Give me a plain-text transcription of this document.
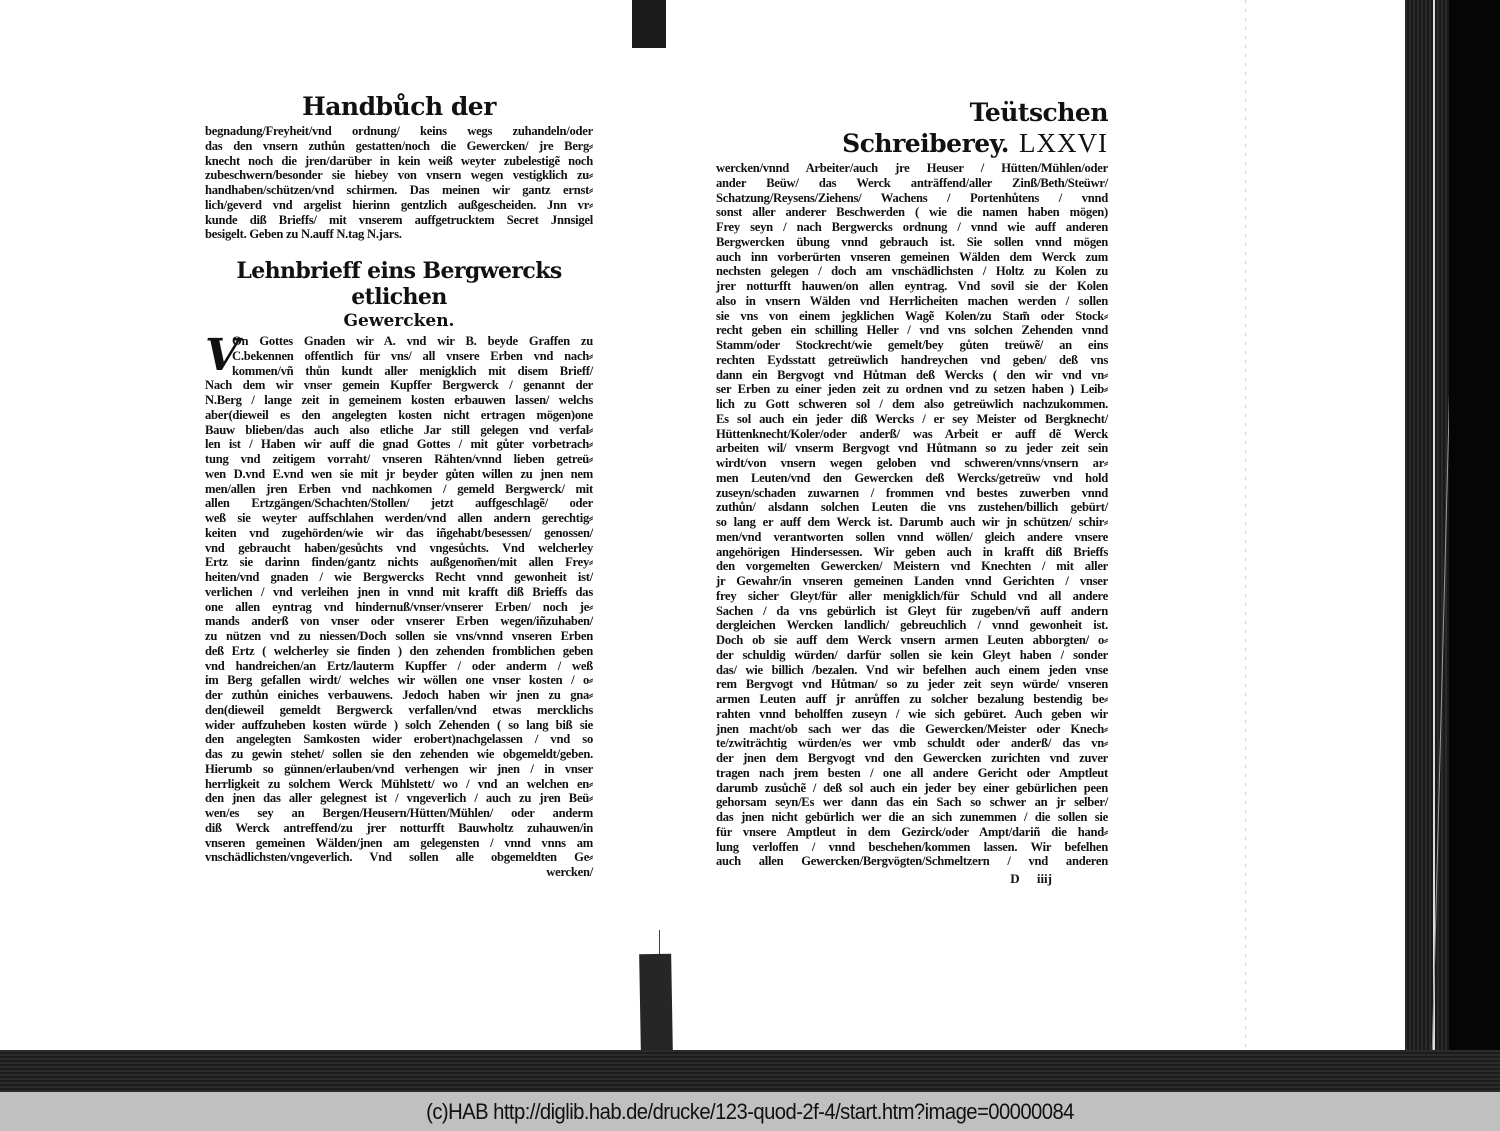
Handbůch der
begnadung/Freyheit/vnd ordnung/ keins wegs zuhandeln/oder
das den vnsern zuthůn gestatten/noch die Gewercken/ jre Berg⸗
knecht noch die jren/darüber in kein weiß weyter zubelestigẽ noch
zubeschwern/besonder sie hiebey von vnsern wegen vestigklich zu⸗
handhaben/schützen/vnd schirmen. Das meinen wir gantz ernst⸗
lich/geverd vnd argelist hierinn gentzlich außgescheiden. Jnn vr⸗
kunde diß Brieffs/ mit vnserem auffgetrucktem Secret Jnnsigel
besigelt. Geben zu N.auff N.tag N.jars.
Lehnbrieff eins Bergwercks etlichen
Gewercken.
V
On Gottes Gnaden wir A. vnd wir B. beyde Graffen zu
C.bekennen offentlich für vns/ all vnsere Erben vnd nach⸗
kommen/vñ thůn kundt aller menigklich mit disem Brieff/
Nach dem wir vnser gemein Kupffer Bergwerck / genannt der
N.Berg / lange zeit in gemeinem kosten erbauwen lassen/ welchs
aber(dieweil es den angelegten kosten nicht ertragen mögen)one
Bauw blieben/das auch also etliche Jar still gelegen vnd verfal⸗
len ist / Haben wir auff die gnad Gottes / mit gůter vorbetrach⸗
tung vnd zeitigem vorraht/ vnseren Rähten/vnnd lieben getreü⸗
wen D.vnd E.vnd wen sie mit jr beyder gůten willen zu jnen nem
men/allen jren Erben vnd nachkomen / gemeld Bergwerck/ mit
allen Ertzgängen/Schachten/Stollen/ jetzt auffgeschlagẽ/ oder
weß sie weyter auffschlahen werden/vnd allen andern gerechtig⸗
keiten vnd zugehörden/wie wir das iñgehabt/besessen/ genossen/
vnd gebraucht haben/gesůchts vnd vngesůchts. Vnd welcherley
Ertz sie darinn finden/gantz nichts außgenom̃en/mit allen Frey⸗
heiten/vnd gnaden / wie Bergwercks Recht vnnd gewonheit ist/
verlichen / vnd verleihen jnen in vnnd mit krafft diß Brieffs das
one allen eyntrag vnd hindernuß/vnser/vnserer Erben/ noch je⸗
mands anderß von vnser oder vnserer Erben wegen/iñzuhaben/
zu nützen vnd zu niessen/Doch sollen sie vns/vnnd vnseren Erben
deß Ertz ( welcherley sie finden ) den zehenden fromblichen geben
vnd handreichen/an Ertz/lauterm Kupffer / oder anderm / weß
im Berg gefallen wirdt/ welches wir wöllen one vnser kosten / o⸗
der zuthůn einiches verbauwens. Jedoch haben wir jnen zu gna⸗
den(dieweil gemeldt Bergwerck verfallen/vnd etwas mercklichs
wider auffzuheben kosten würde ) solch Zehenden ( so lang biß sie
den angelegten Samkosten wider erobert)nachgelassen / vnd so
das zu gewin stehet/ sollen sie den zehenden wie obgemeldt/geben.
Hierumb so günnen/erlauben/vnd verhengen wir jnen / in vnser
herrligkeit zu solchem Werck Mühlstett/ wo / vnd an welchen en⸗
den jnen das aller gelegnest ist / vngeverlich / auch zu jren Beü⸗
wen/es sey an Bergen/Heusern/Hütten/Mühlen/ oder anderm
diß Werck antreffend/zu jrer notturfft Bauwholtz zuhauwen/in
vnseren gemeinen Wälden/jnen am gelegensten / vnnd vnns am
vnschädlichsten/vngeverlich. Vnd sollen alle obgemeldten Ge⸗
wercken/
Teütschen Schreiberey. LXXVI
wercken/vnnd Arbeiter/auch jre Heuser / Hütten/Mühlen/oder
ander Beüw/ das Werck anträffend/aller Zinß/Beth/Steüwr/
Schatzung/Reysens/Ziehens/ Wachens / Portenhůtens / vnnd
sonst aller anderer Beschwerden ( wie die namen haben mögen)
Frey seyn / nach Bergwercks ordnung / vnnd wie auff anderen
Bergwercken übung vnnd gebrauch ist. Sie sollen vnnd mögen
auch inn vorberürten vnseren gemeinen Wälden dem Werck zum
nechsten gelegen / doch am vnschädlichsten / Holtz zu Kolen zu
jrer notturfft hauwen/on allen eyntrag. Vnd sovil sie der Kolen
also in vnsern Wälden vnd Herrlicheiten machen werden / sollen
sie vns von einem jegklichen Wagẽ Kolen/zu Stam̃ oder Stock⸗
recht geben ein schilling Heller / vnd vns solchen Zehenden vnnd
Stamm/oder Stockrecht/wie gemelt/bey gůten treüwẽ/ an eins
rechten Eydsstatt getreüwlich handreychen vnd geben/ deß vns
dann ein Bergvogt vnd Hůtman deß Wercks ( den wir vnd vn⸗
ser Erben zu einer jeden zeit zu ordnen vnd zu setzen haben ) Leib⸗
lich zu Gott schweren sol / dem also getreüwlich nachzukommen.
Es sol auch ein jeder diß Wercks / er sey Meister od Bergknecht/
Hüttenknecht/Koler/oder anderß/ was Arbeit er auff dẽ Werck
arbeiten wil/ vnserm Bergvogt vnd Hůtmann so zu jeder zeit sein
wirdt/von vnsern wegen geloben vnd schweren/vnns/vnsern ar⸗
men Leuten/vnd den Gewercken deß Wercks/getreüw vnd hold
zuseyn/schaden zuwarnen / frommen vnd bestes zuwerben vnnd
zuthůn/ alsdann solchen Leuten die vns zustehen/billich gebürt/
so lang er auff dem Werck ist. Darumb auch wir jn schützen/ schir⸗
men/vnd verantworten sollen vnnd wöllen/ gleich andere vnsere
angehörigen Hindersessen. Wir geben auch in krafft diß Brieffs
den vorgemelten Gewercken/ Meistern vnd Knechten / mit aller
jr Gewahr/in vnseren gemeinen Landen vnnd Gerichten / vnser
frey sicher Gleyt/für aller menigklich/für Schuld vnd all andere
Sachen / da vns gebürlich ist Gleyt für zugeben/vñ auff andern
dergleichen Wercken landlich/ gebreuchlich / vnnd gewonheit ist.
Doch ob sie auff dem Werck vnsern armen Leuten abborgten/ o⸗
der schuldig würden/ darfür sollen sie kein Gleyt haben / sonder
das/ wie billich /bezalen. Vnd wir befelhen auch einem jeden vnse
rem Bergvogt vnd Hůtman/ so zu jeder zeit seyn würde/ vnseren
armen Leuten auff jr anrůffen zu solcher bezalung bestendig be⸗
rahten vnnd beholffen zuseyn / wie sich gebüret. Auch geben wir
jnen macht/ob sach wer das die Gewercken/Meister oder Knech⸗
te/zwiträchtig würden/es wer vmb schuldt oder anderß/ das vn⸗
der jnen dem Bergvogt vnd den Gewercken zurichten vnd zuver
tragen nach jrem besten / one all andere Gericht oder Amptleut
darumb zusůchẽ / deß sol auch ein jeder bey einer gebürlichen peen
gehorsam seyn/Es wer dann das ein Sach so schwer an jr selber/
das jnen nicht gebürlich wer die an sich zunemmen / die sollen sie
für vnsere Amptleut in dem Gezirck/oder Ampt/dariñ die hand⸗
lung verloffen / vnnd beschehen/kommen lassen. Wir befelhen
auch allen Gewercken/Bergvögten/Schmeltzern / vnd anderen
D iiij
(c)HAB http://diglib.hab.de/drucke/123-quod-2f-4/start.htm?image=00000084
